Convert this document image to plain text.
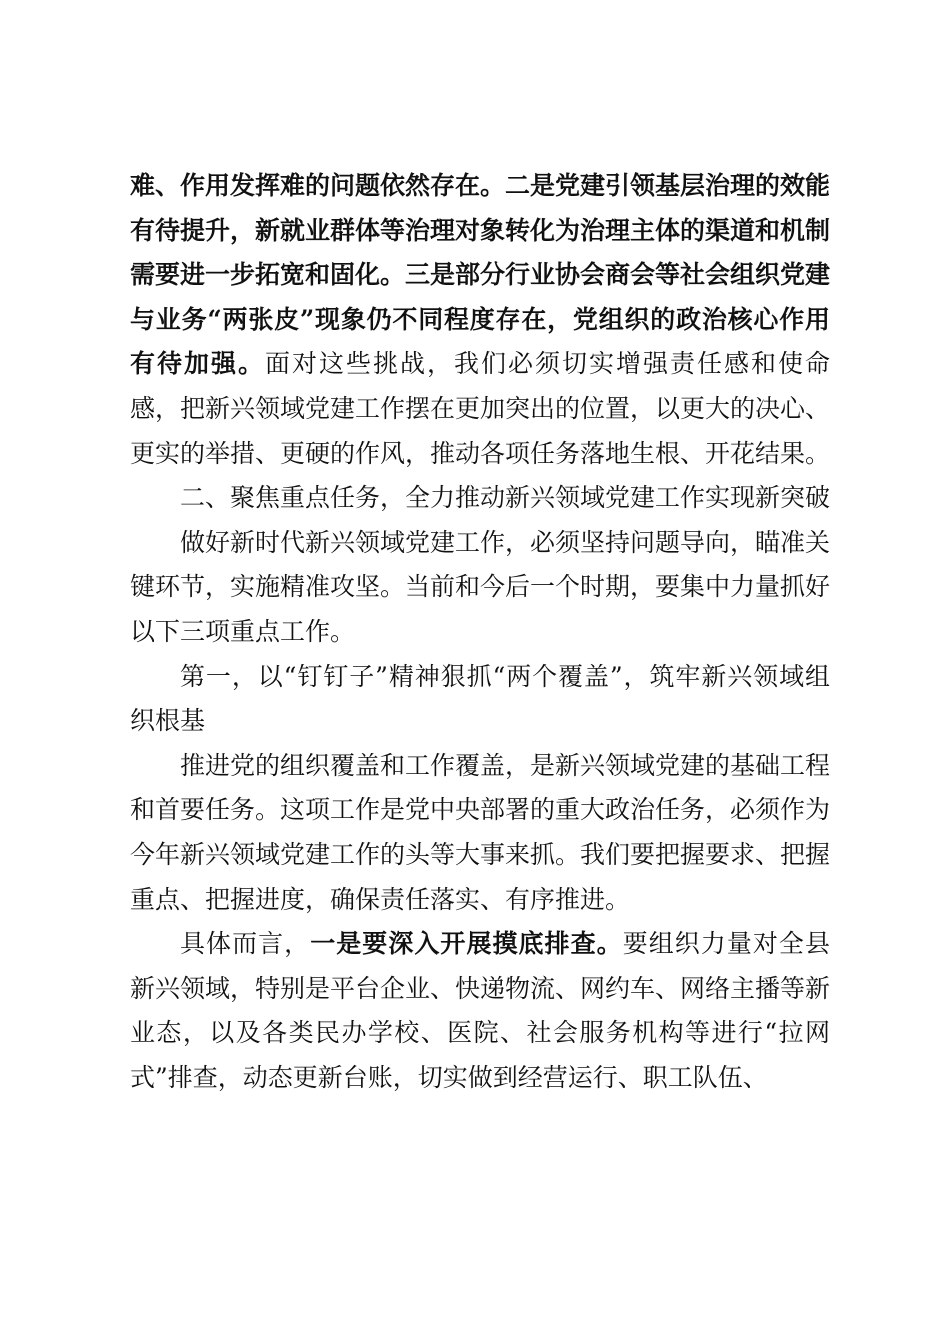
难、作用发挥难的问题依然存在。二是党建引领基层治理的效能有待提升，新就业群体等治理对象转化为治理主体的渠道和机制需要进一步拓宽和固化。三是部分行业协会商会等社会组织党建与业务“两张皮”现象仍不同程度存在，党组织的政治核心作用有待加强。面对这些挑战，我们必须切实增强责任感和使命感，把新兴领域党建工作摆在更加突出的位置，以更大的决心、更实的举措、更硬的作风，推动各项任务落地生根、开花结果。

二、聚焦重点任务，全力推动新兴领域党建工作实现新突破

做好新时代新兴领域党建工作，必须坚持问题导向，瞄准关键环节，实施精准攻坚。当前和今后一个时期，要集中力量抓好以下三项重点工作。

第一，以“钉钉子”精神狠抓“两个覆盖”，筑牢新兴领域组织根基

推进党的组织覆盖和工作覆盖，是新兴领域党建的基础工程和首要任务。这项工作是党中央部署的重大政治任务，必须作为今年新兴领域党建工作的头等大事来抓。我们要把握要求、把握重点、把握进度，确保责任落实、有序推进。

具体而言，一是要深入开展摸底排查。要组织力量对全县新兴领域，特别是平台企业、快递物流、网约车、网络主播等新业态，以及各类民办学校、医院、社会服务机构等进行“拉网式”排查，动态更新台账，切实做到经营运行、职工队伍、
